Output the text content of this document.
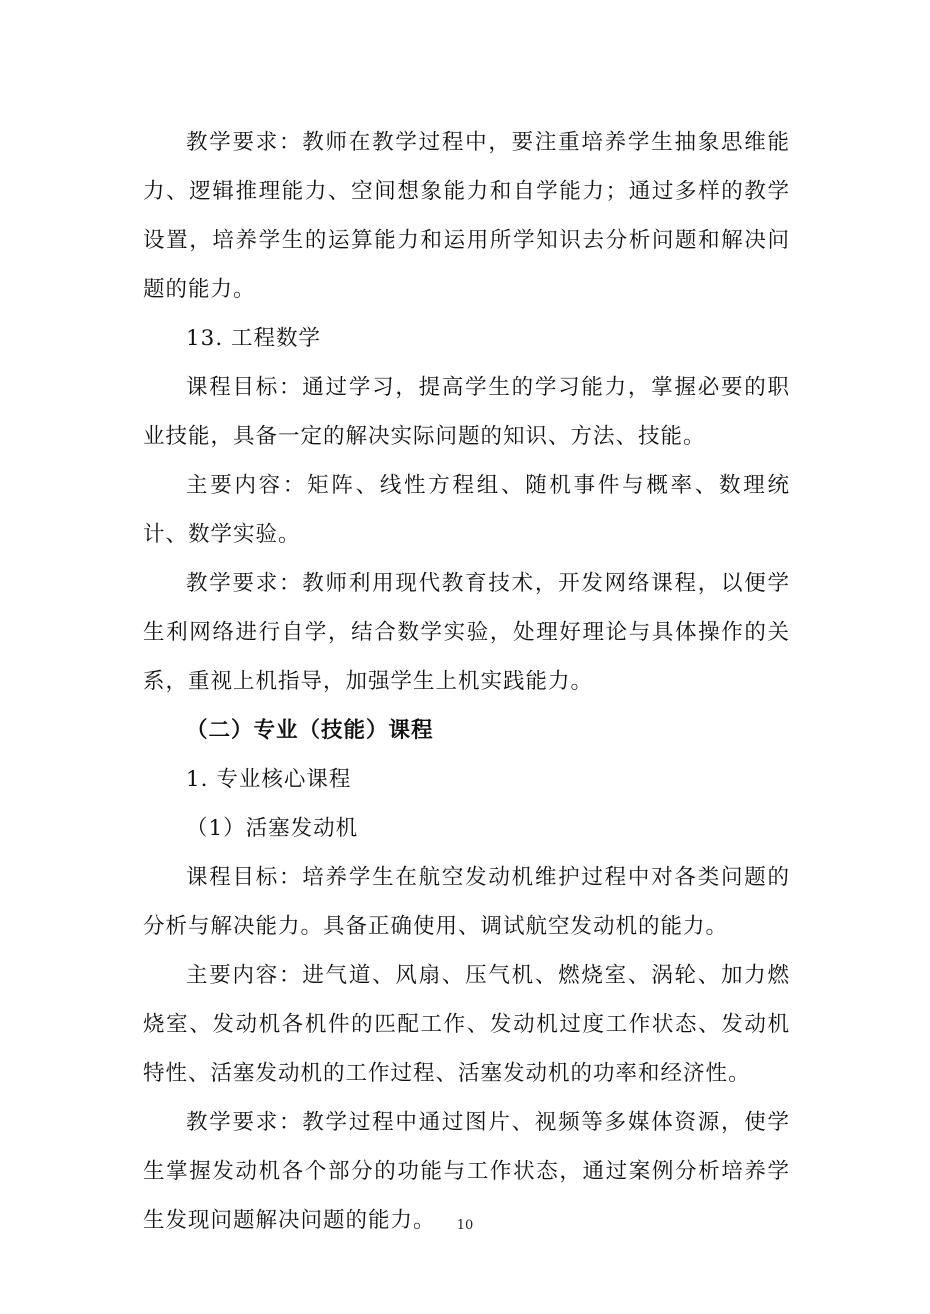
教学要求：教师在教学过程中，要注重培养学生抽象思维能力、逻辑推理能力、空间想象能力和自学能力；通过多样的教学设置，培养学生的运算能力和运用所学知识去分析问题和解决问题的能力。

13. 工程数学

课程目标：通过学习，提高学生的学习能力，掌握必要的职业技能，具备一定的解决实际问题的知识、方法、技能。

主要内容：矩阵、线性方程组、随机事件与概率、数理统计、数学实验。

教学要求：教师利用现代教育技术，开发网络课程，以便学生利网络进行自学，结合数学实验，处理好理论与具体操作的关系，重视上机指导，加强学生上机实践能力。

（二）专业（技能）课程

1. 专业核心课程

（1）活塞发动机

课程目标：培养学生在航空发动机维护过程中对各类问题的分析与解决能力。具备正确使用、调试航空发动机的能力。

主要内容：进气道、风扇、压气机、燃烧室、涡轮、加力燃烧室、发动机各机件的匹配工作、发动机过度工作状态、发动机特性、活塞发动机的工作过程、活塞发动机的功率和经济性。

教学要求：教学过程中通过图片、视频等多媒体资源，使学生掌握发动机各个部分的功能与工作状态，通过案例分析培养学生发现问题解决问题的能力。	10
